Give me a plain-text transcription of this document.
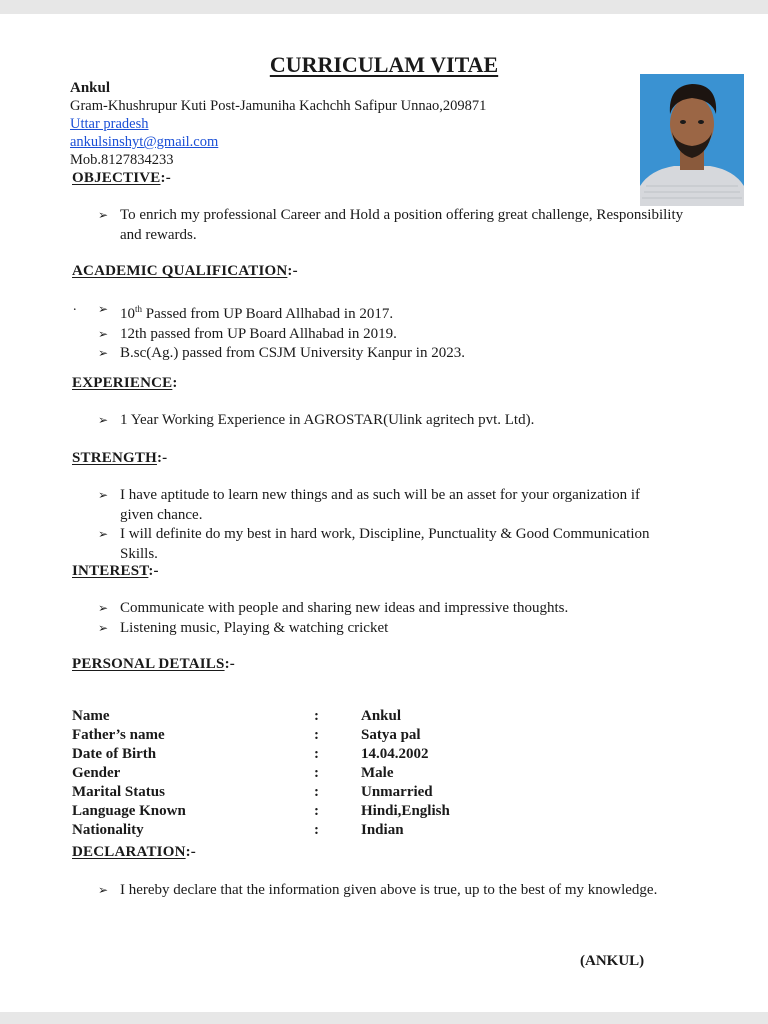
CURRICULAM VITAE
Ankul
Gram-Khushrupur Kuti Post-Jamuniha Kachchh Safipur Unnao,209871
Uttar pradesh
ankulsinshyt@gmail.com
Mob.8127834233
OBJECTIVE:-

➢ To enrich my professional Career and Hold a position offering great challenge, Responsibility and rewards.

ACADEMIC QUALIFICATION:-
. ➢ 10th Passed from UP Board Allhabad in 2017.

➢ 12th passed from UP Board Allhabad in 2019.

➢ B.sc(Ag.) passed from CSJM University Kanpur in 2023.

EXPERIENCE:

➢ 1 Year Working Experience in AGROSTAR(Ulink agritech pvt. Ltd).

STRENGTH:-

➢ I have aptitude to learn new things and as such will be an asset for your organization if given chance.

➢ I will definite do my best in hard work, Discipline, Punctuality & Good Communication Skills.

INTEREST:-

➢ Communicate with people and sharing new ideas and impressive thoughts.

➢ Listening music, Playing & watching cricket

PERSONAL DETAILS:-
Name	:	Ankul
Father’s name	:	Satya pal
Date of Birth	:	14.04.2002
Gender	:	Male
Marital Status	:	Unmarried
Language Known	:	Hindi,English
Nationality	:	Indian
DECLARATION:-

➢ I hereby declare that the information given above is true, up to the best of my knowledge.

(ANKUL)
